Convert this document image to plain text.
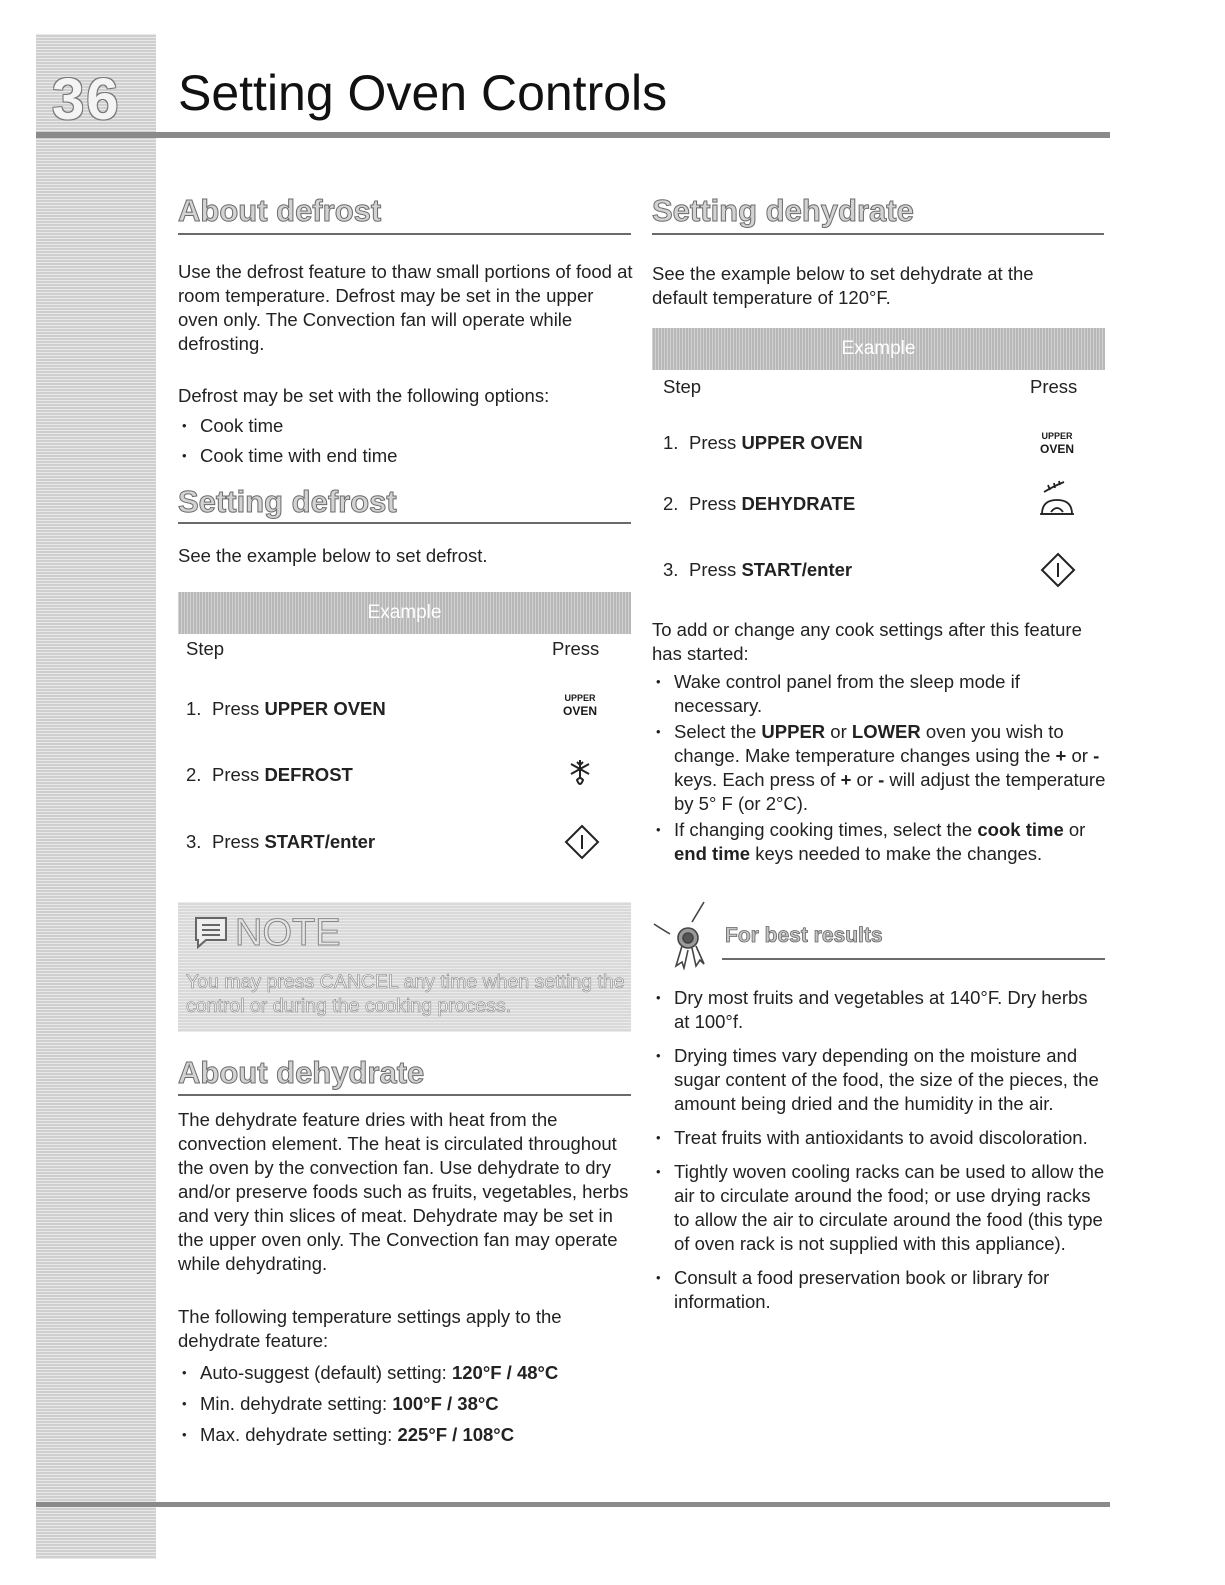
36 Setting Oven Controls
About defrost
Use the defrost feature to thaw small portions of food at room temperature. Defrost may be set in the upper oven only. The Convection fan will operate while defrosting.
Defrost may be set with the following options:
• Cook time
• Cook time with end time
Setting defrost
See the example below to set defrost.
Example
Step	Press
1. Press UPPER OVEN	UPPER
OVEN
2. Press DEFROST
3. Press START/enter
NOTE
You may press CANCEL any time when setting the control or during the cooking process.
About dehydrate
The dehydrate feature dries with heat from the convection element. The heat is circulated throughout the oven by the convection fan. Use dehydrate to dry and/or preserve foods such as fruits, vegetables, herbs and very thin slices of meat. Dehydrate may be set in the upper oven only. The Convection fan may operate while dehydrating.
The following temperature settings apply to the dehydrate feature:
• Auto-suggest (default) setting: 120°F / 48°C
• Min. dehydrate setting: 100°F / 38°C
• Max. dehydrate setting: 225°F / 108°C
Setting dehydrate
See the example below to set dehydrate at the default temperature of 120°F.
Example
Step	Press
1. Press UPPER OVEN	UPPER
OVEN
2. Press DEHYDRATE
3. Press START/enter
To add or change any cook settings after this feature has started:
• Wake control panel from the sleep mode if necessary.
• Select the UPPER or LOWER oven you wish to change. Make temperature changes using the + or - keys. Each press of + or - will adjust the temperature by 5° F (or 2°C).
• If changing cooking times, select the cook time or end time keys needed to make the changes.
For best results
• Dry most fruits and vegetables at 140°F. Dry herbs at 100°f.
• Drying times vary depending on the moisture and sugar content of the food, the size of the pieces, the amount being dried and the humidity in the air.
• Treat fruits with antioxidants to avoid discoloration.
• Tightly woven cooling racks can be used to allow the air to circulate around the food; or use drying racks to allow the air to circulate around the food (this type of oven rack is not supplied with this appliance).
• Consult a food preservation book or library for information.
